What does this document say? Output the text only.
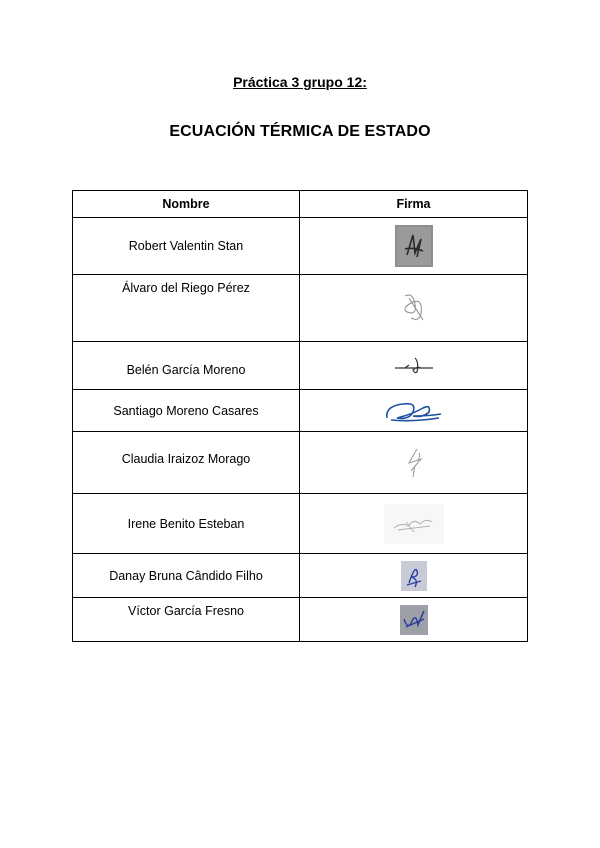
Práctica 3 grupo 12:
ECUACIÓN TÉRMICA DE ESTADO
Nombre	Firma
Robert Valentin Stan	

Álvaro del Riego Pérez	

Belén García Moreno	

Santiago Moreno Casares	

Claudia Iraizoz Morago	

Irene Benito Esteban	

Danay Bruna Cândido Filho	

Víctor García Fresno	
